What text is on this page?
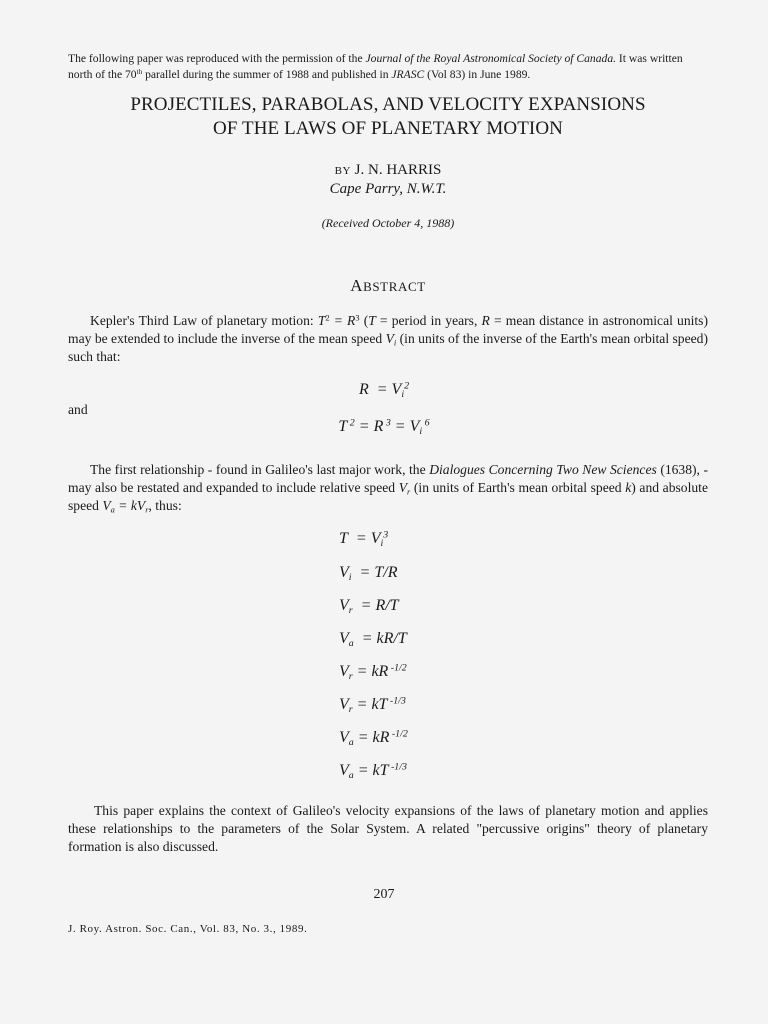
The following paper was reproduced with the permission of the Journal of the Royal Astronomical Society of Canada. It was written north of the 70th parallel during the summer of 1988 and published in JRASC (Vol 83) in June 1989.
PROJECTILES, PARABOLAS, AND VELOCITY EXPANSIONS
OF THE LAWS OF PLANETARY MOTION
BY J. N. HARRIS
Cape Parry, N.W.T.
(Received October 4, 1988)
ABSTRACT
Kepler's Third Law of planetary motion: $T^2 = R^3$ (T = period in years, R = mean distance in astronomical units) may be extended to include the inverse of the mean speed $V_i$ (in units of the inverse of the Earth's mean orbital speed) such that:
$R = V_i^2$
and
T $^2$ = R $^3 = V_i$ $^6$
The first relationship - found in Galileo's last major work, the Dialogues Concerning Two New Sciences (1638), - may also be restated and expanded to include relative speed $V_r$ (in units of Earth's mean orbital speed k) and absolute speed $V_a = kV_r$, thus:
$T = V_i^3$
$V_i = T/R$
$V_r = R/T$
$V_a = kR/T$
$V_r$ = kR $^{-1/2}$
$V_r$ = kT $^{-1/3}$
$V_a$ = kR $^{-1/2}$
$V_a$ = kT $^{-1/3}$
This paper explains the context of Galileo's velocity expansions of the laws of planetary motion and applies these relationships to the parameters of the Solar System. A related "percussive origins" theory of planetary formation is also discussed.
207
J. Roy. Astron. Soc. Can., Vol. 83, No. 3., 1989.
